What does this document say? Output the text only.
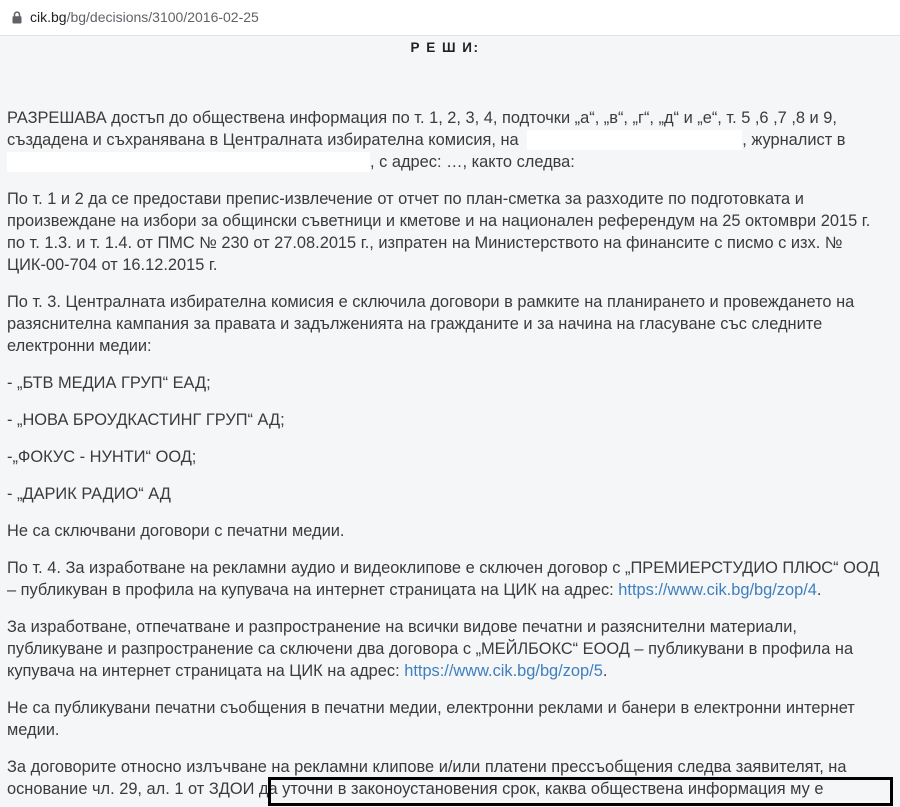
cik.bg/bg/decisions/3100/2016-02-25
Р Е Ш И:

РАЗРЕШАВА достъп до обществена информация по т. 1, 2, 3, 4, подточки „а“, „в“, „г“, „д“ и „е“, т. 5 ,6 ,7 ,8 и 9,
създадена и съхранявана в Централната избирателна комисия, на	, журналист в
, с адрес: …, както следва:

По т. 1 и 2 да се предостави препис-извлечение от отчет по план-сметка за разходите по подготовката и
произвеждане на избори за общински съветници и кметове и на национален референдум на 25 октомври 2015 г.
по т. 1.3. и т. 1.4. от ПМС № 230 от 27.08.2015 г., изпратен на Министерството на финансите с писмо с изх. №
ЦИК-00-704 от 16.12.2015 г.

По т. 3. Централната избирателна комисия е сключила договори в рамките на планирането и провеждането на
разяснителна кампания за правата и задълженията на гражданите и за начина на гласуване със следните
електронни медии:

- „БТВ МЕДИА ГРУП“ ЕАД;

- „НОВА БРОУДКАСТИНГ ГРУП“ АД;

-„ФОКУС - НУНТИ“ ООД;

- „ДАРИК РАДИО“ АД

Не са сключвани договори с печатни медии.

По т. 4. За изработване на рекламни аудио и видеоклипове е сключен договор с „ПРЕМИЕРСТУДИО ПЛЮС“ ООД
– публикуван в профила на купувача на интернет страницата на ЦИК на адрес: https://www.cik.bg/bg/zop/4.

За изработване, отпечатване и разпространение на всички видове печатни и разяснителни материали,
публикуване и разпространение са сключени два договора с „МЕЙЛБОКС“ ЕООД – публикувани в профила на
купувача на интернет страницата на ЦИК на адрес: https://www.cik.bg/bg/zop/5.

Не са публикувани печатни съобщения в печатни медии, електронни реклами и банери в електронни интернет
медии.

За договорите относно излъчване на рекламни клипове и/или платени прессъобщения следва заявителят, на
основание чл. 29, ал. 1 от ЗДОИ да уточни в законоустановения срок, каква обществена информация му е
